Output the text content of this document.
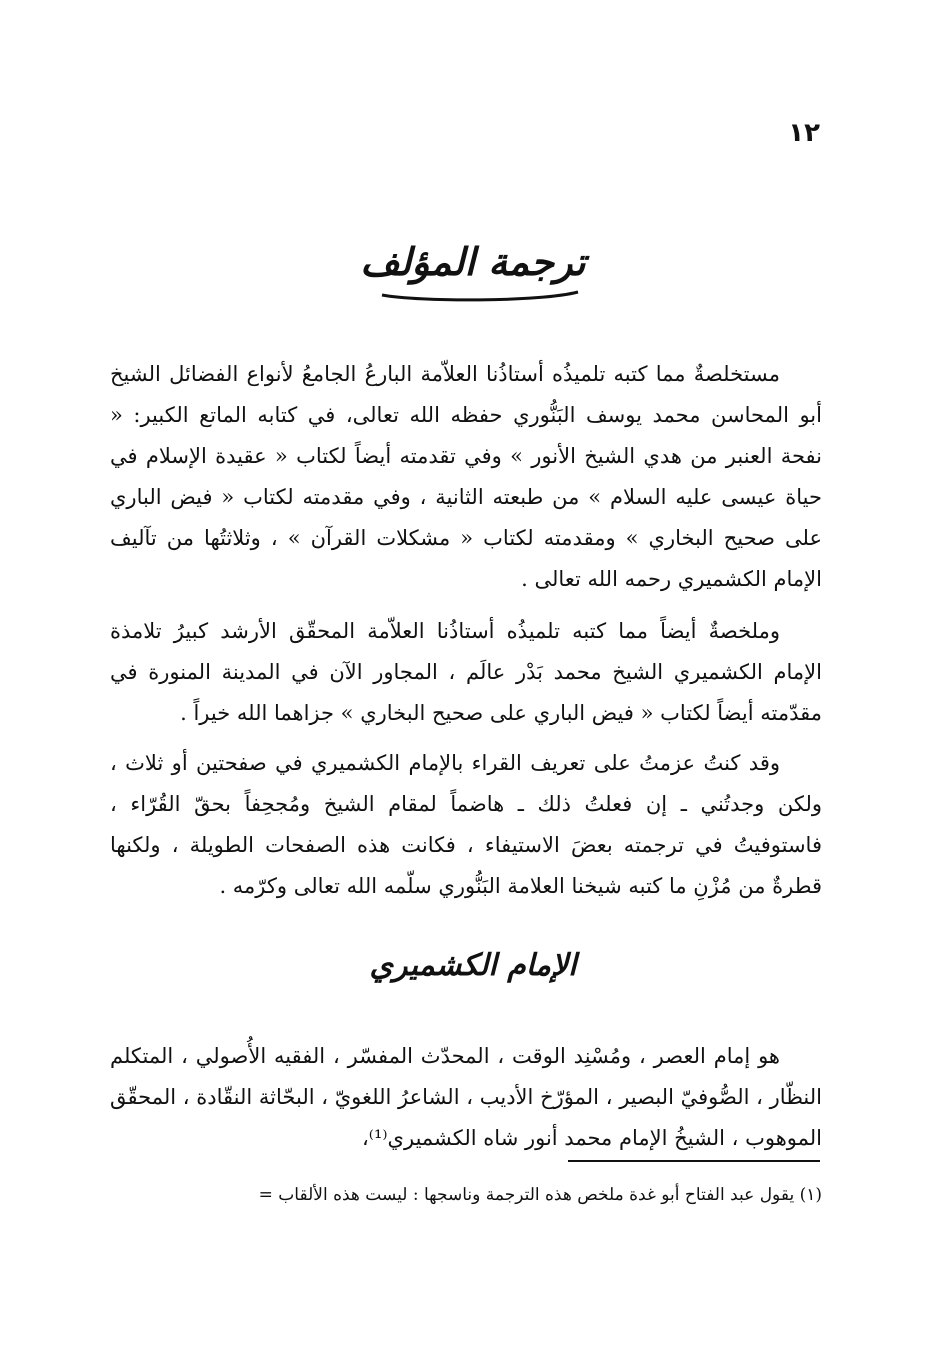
١٢
ترجمة المؤلف

مستخلصةٌ مما كتبه تلميذُه أستاذُنا العلاّمة البارعُ الجامعُ لأنواع الفضائل الشيخ أبو المحاسن محمد يوسف البَنُّوري حفظه الله تعالى، في كتابه الماتع الكبير: « نفحة العنبر من هدي الشيخ الأنور » وفي تقدمته أيضاً لكتاب « عقيدة الإسلام في حياة عيسى عليه السلام » من طبعته الثانية ، وفي مقدمته لكتاب « فيض الباري على صحيح البخاري » ومقدمته لكتاب « مشكلات القرآن » ، وثلاثتُها من تآليف الإمام الكشميري رحمه الله تعالى .

وملخصةٌ أيضاً مما كتبه تلميذُه أستاذُنا العلاّمة المحقّق الأرشد كبيرُ تلامذة الإمام الكشميري الشيخ محمد بَدْر عالَم ، المجاور الآن في المدينة المنورة في مقدّمته أيضاً لكتاب « فيض الباري على صحيح البخاري » جزاهما الله خيراً .

وقد كنتُ عزمتُ على تعريف القراء بالإمام الكشميري في صفحتين أو ثلاث ، ولكن وجدتُني ـ إن فعلتُ ذلك ـ هاضماً لمقام الشيخ ومُجحِفاً بحقّ القُرّاء ، فاستوفيتُ في ترجمته بعضَ الاستيفاء ، فكانت هذه الصفحات الطويلة ، ولكنها قطرةٌ من مُزْنِ ما كتبه شيخنا العلامة البَنُّوري سلّمه الله تعالى وكرّمه .

الإمام الكشميري

هو إمام العصر ، ومُسْنِد الوقت ، المحدّث المفسّر ، الفقيه الأُصولي ، المتكلم النظّار ، الصُّوفيّ البصير ، المؤرّخ الأديب ، الشاعرُ اللغويّ ، البحّاثة النقّادة ، المحقّق الموهوب ، الشيخُ الإمام محمد أنور شاه الكشميري⁽¹⁾،

(١) يقول عبد الفتاح أبو غدة ملخص هذه الترجمة وناسجها : ليست هذه الألقاب =
